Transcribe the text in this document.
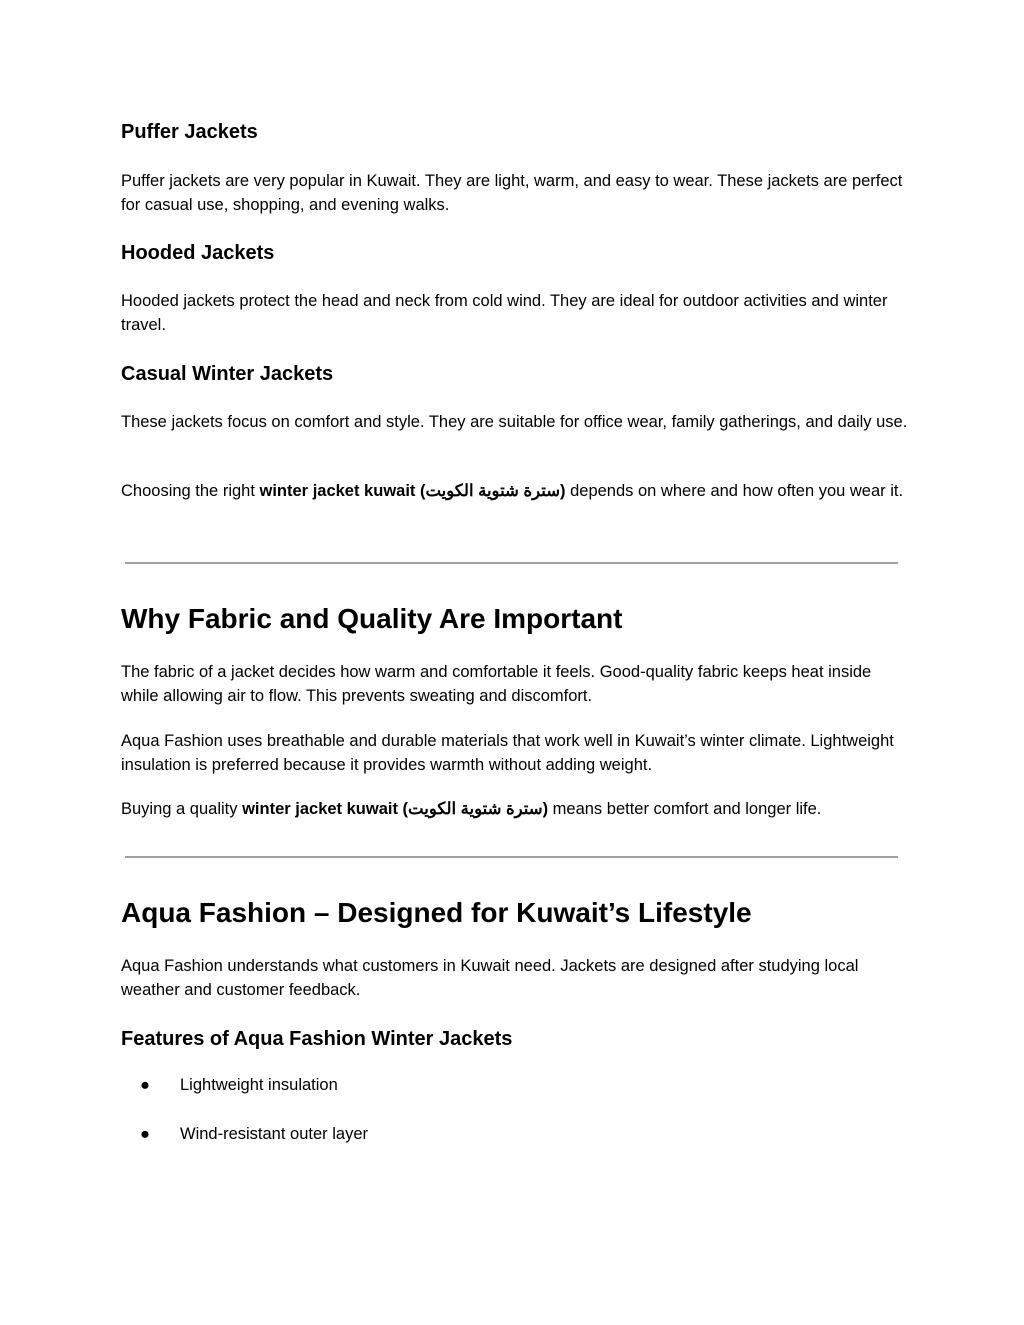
Puffer Jackets

Puffer jackets are very popular in Kuwait. They are light, warm, and easy to wear. These jackets are perfect for casual use, shopping, and evening walks.

Hooded Jackets

Hooded jackets protect the head and neck from cold wind. They are ideal for outdoor activities and winter travel.

Casual Winter Jackets

These jackets focus on comfort and style. They are suitable for office wear, family gatherings, and daily use.

Choosing the right winter jacket kuwait (سترة شتوية الكويت) depends on where and how often you wear it.

Why Fabric and Quality Are Important

The fabric of a jacket decides how warm and comfortable it feels. Good-quality fabric keeps heat inside while allowing air to flow. This prevents sweating and discomfort.

Aqua Fashion uses breathable and durable materials that work well in Kuwait’s winter climate. Lightweight insulation is preferred because it provides warmth without adding weight.

Buying a quality winter jacket kuwait (سترة شتوية الكويت) means better comfort and longer life.

Aqua Fashion – Designed for Kuwait’s Lifestyle

Aqua Fashion understands what customers in Kuwait need. Jackets are designed after studying local weather and customer feedback.

Features of Aqua Fashion Winter Jackets
● Lightweight insulation
● Wind-resistant outer layer
